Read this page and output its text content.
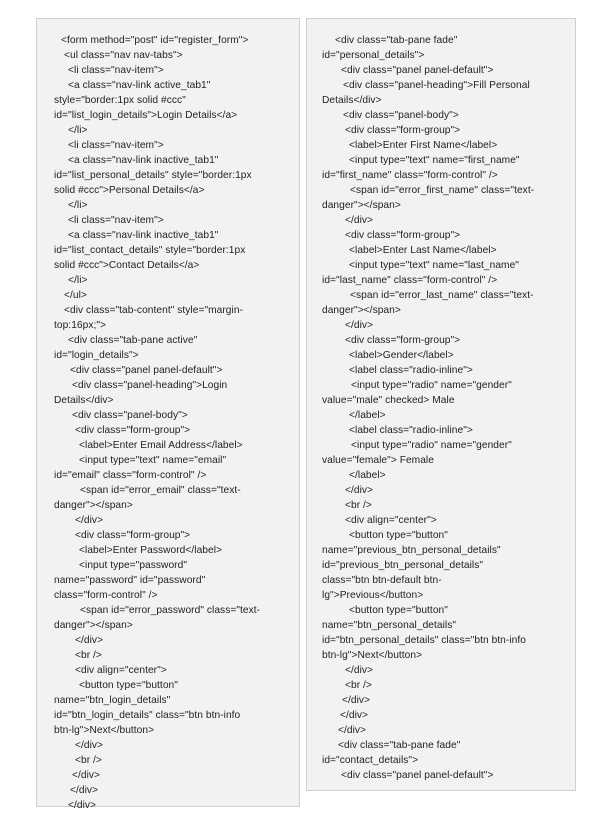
<form method="post" id="register_form">
<ul class="nav nav-tabs">
<li class="nav-item">
<a class="nav-link active_tab1"
style="border:1px solid #ccc"
id="list_login_details">Login Details</a>
</li>
<li class="nav-item">
<a class="nav-link inactive_tab1"
id="list_personal_details" style="border:1px
solid #ccc">Personal Details</a>
</li>
<li class="nav-item">
<a class="nav-link inactive_tab1"
id="list_contact_details" style="border:1px
solid #ccc">Contact Details</a>
</li>
</ul>
<div class="tab-content" style="margin-
top:16px;">
<div class="tab-pane active"
id="login_details">
<div class="panel panel-default">
<div class="panel-heading">Login
Details</div>
<div class="panel-body">
<div class="form-group">
<label>Enter Email Address</label>
<input type="text" name="email"
id="email" class="form-control" />
<span id="error_email" class="text-
danger"></span>
</div>
<div class="form-group">
<label>Enter Password</label>
<input type="password"
name="password" id="password"
class="form-control" />
<span id="error_password" class="text-
danger"></span>
</div>
<br />
<div align="center">
<button type="button"
name="btn_login_details"
id="btn_login_details" class="btn btn-info
btn-lg">Next</button>
</div>
<br />
</div>
</div>
</div>
<div class="tab-pane fade"
id="personal_details">
<div class="panel panel-default">
<div class="panel-heading">Fill Personal
Details</div>
<div class="panel-body">
<div class="form-group">
<label>Enter First Name</label>
<input type="text" name="first_name"
id="first_name" class="form-control" />
<span id="error_first_name" class="text-
danger"></span>
</div>
<div class="form-group">
<label>Enter Last Name</label>
<input type="text" name="last_name"
id="last_name" class="form-control" />
<span id="error_last_name" class="text-
danger"></span>
</div>
<div class="form-group">
<label>Gender</label>
<label class="radio-inline">
<input type="radio" name="gender"
value="male" checked> Male
</label>
<label class="radio-inline">
<input type="radio" name="gender"
value="female"> Female
</label>
</div>
<br />
<div align="center">
<button type="button"
name="previous_btn_personal_details"
id="previous_btn_personal_details"
class="btn btn-default btn-
lg">Previous</button>
<button type="button"
name="btn_personal_details"
id="btn_personal_details" class="btn btn-info
btn-lg">Next</button>
</div>
<br />
</div>
</div>
</div>
<div class="tab-pane fade"
id="contact_details">
<div class="panel panel-default">
